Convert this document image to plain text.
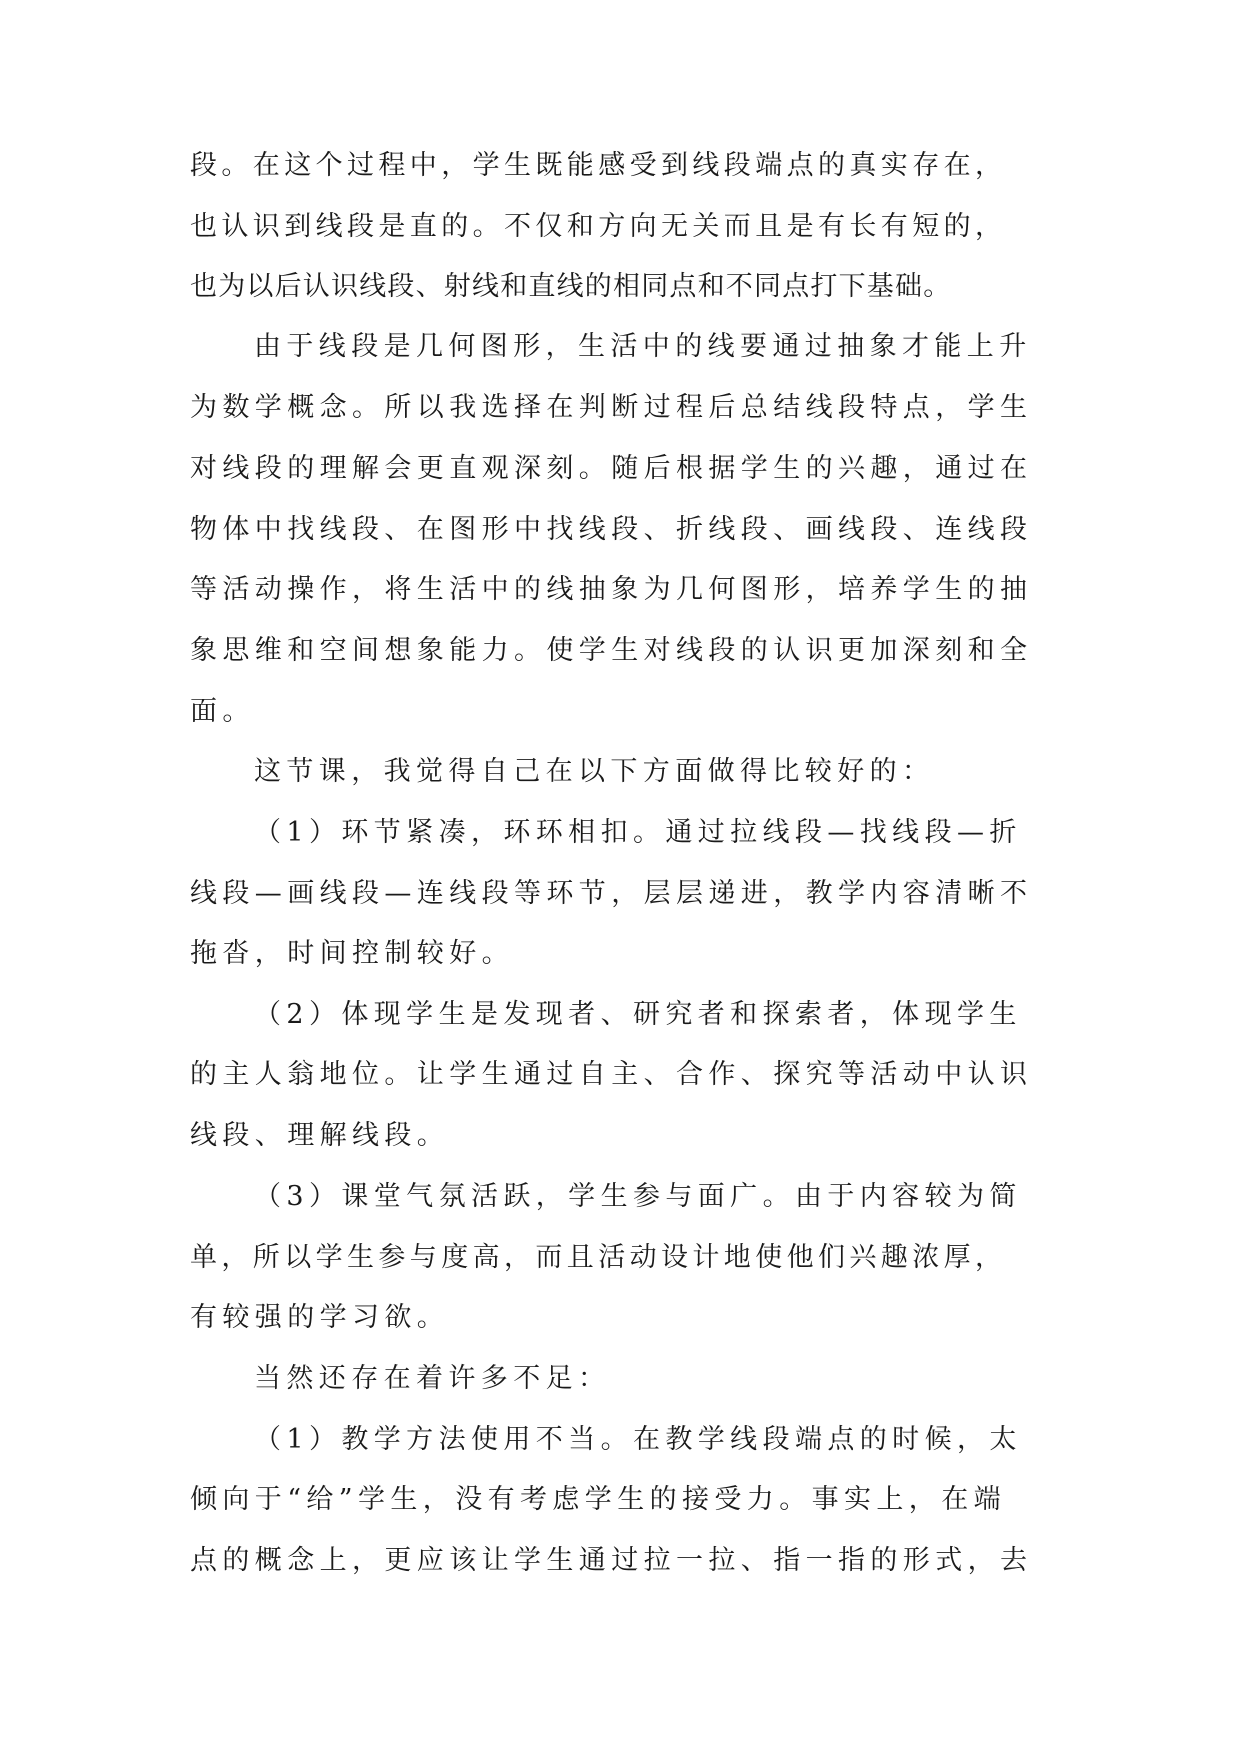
段。在这个过程中，学生既能感受到线段端点的真实存在，
也认识到线段是直的。不仅和方向无关而且是有长有短的，
也为以后认识线段、射线和直线的相同点和不同点打下基础。
由于线段是几何图形，生活中的线要通过抽象才能上升
为数学概念。所以我选择在判断过程后总结线段特点，学生
对线段的理解会更直观深刻。随后根据学生的兴趣，通过在
物体中找线段、在图形中找线段、折线段、画线段、连线段
等活动操作，将生活中的线抽象为几何图形，培养学生的抽
象思维和空间想象能力。使学生对线段的认识更加深刻和全
面。
这节课，我觉得自己在以下方面做得比较好的：
（1）环节紧凑，环环相扣。通过拉线段—找线段—折
线段—画线段—连线段等环节，层层递进，教学内容清晰不
拖沓，时间控制较好。
（2）体现学生是发现者、研究者和探索者，体现学生
的主人翁地位。让学生通过自主、合作、探究等活动中认识
线段、理解线段。
（3）课堂气氛活跃，学生参与面广。由于内容较为简
单，所以学生参与度高，而且活动设计地使他们兴趣浓厚，
有较强的学习欲。
当然还存在着许多不足：
（1）教学方法使用不当。在教学线段端点的时候，太
倾向于“给”学生，没有考虑学生的接受力。事实上，在端
点的概念上，更应该让学生通过拉一拉、指一指的形式，去
